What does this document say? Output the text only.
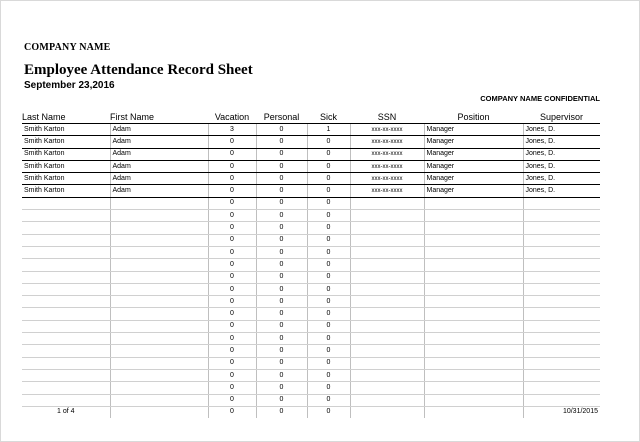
COMPANY NAME
Employee Attendance Record Sheet
September 23,2016
COMPANY NAME CONFIDENTIAL
Last Name	First Name	Vacation	Personal	Sick	SSN	Position	Supervisor
Smith Karton	Adam	3	0	1	xxx-xx-xxxx	Manager	Jones, D.
Smith Karton	Adam	0	0	0	xxx-xx-xxxx	Manager	Jones, D.
Smith Karton	Adam	0	0	0	xxx-xx-xxxx	Manager	Jones, D.
Smith Karton	Adam	0	0	0	xxx-xx-xxxx	Manager	Jones, D.
Smith Karton	Adam	0	0	0	xxx-xx-xxxx	Manager	Jones, D.
Smith Karton	Adam	0	0	0	xxx-xx-xxxx	Manager	Jones, D.
		0	0	0			
		0	0	0			
		0	0	0			
		0	0	0			
		0	0	0			
		0	0	0			
		0	0	0			
		0	0	0			
		0	0	0			
		0	0	0			
		0	0	0			
		0	0	0			
		0	0	0			
		0	0	0			
		0	0	0			
		0	0	0			
		0	0	0			
1 of 4		0	0	0			10/31/2015
